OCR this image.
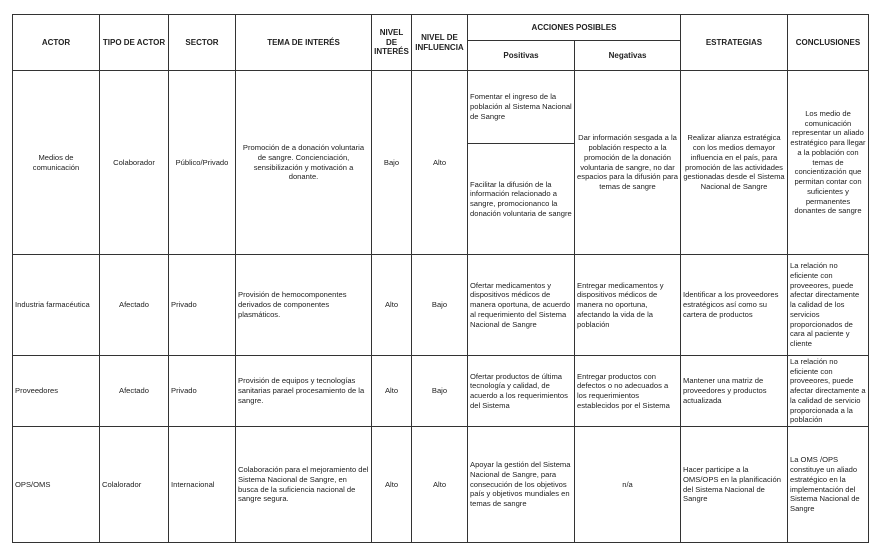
ACTOR	TIPO DE ACTOR	SECTOR	TEMA DE INTERÉS	NIVEL DE INTERÉS	NIVEL DE INFLUENCIA	ACCIONES POSIBLES		ESTRATEGIAS	CONCLUSIONES
						Positivas	Negativas		
Medios de comunicación	Colaborador	Público/Privado	Promoción de a donación voluntaria de sangre. Concienciación, sensibilización y motivación a donante.	Bajo	Alto	Fomentar el ingreso de la población al Sistema Nacional de Sangre	Dar información sesgada a la población respecto a la promoción de la donación voluntaria de sangre, no dar espacios para la difusión para temas de sangre	Realizar alianza estratégica con los medios demayor influencia en el país, para promoción de las actividades gestionadas desde el Sistema Nacional de Sangre	Los medio de comunicación representar un aliado estratégico para llegar a la población con temas de concientización que permitan contar con suficientes y permanentes donantes de sangre
						Facilitar la difusión de la información relacionado a sangre, promocionanco la donación voluntaria de sangre			
Industria farmacéutica	Afectado	Privado	Provisión de hemocomponentes derivados de componentes plasmáticos.	Alto	Bajo	Ofertar medicamentos y dispositivos médicos de manera oportuna, de acuerdo al requerimiento del Sistema Nacional de Sangre	Entregar medicamentos y dispositivos médicos de manera no oportuna, afectando la vida de la población	Identificar a los proveedores estratégicos así como su cartera de productos	La relación no eficiente con proveeores, puede afectar directamente la calidad de los servicios proporcionados de cara al paciente y cliente
Proveedores	Afectado	Privado	Provisión de equipos y tecnologías sanitarias parael procesamiento de la sangre.	Alto	Bajo	Ofertar productos de última tecnología y calidad, de acuerdo a los requerimientos del Sistema	Entregar productos con defectos o no adecuados a los requerimientos establecidos por el Sistema	Mantener una matriz de proveedores y productos actualizada	La relación no eficiente con proveeores, puede afectar directamente a la calidad de servicio proporcionada a la población
OPS/OMS	Colalorador	Internacional	Colaboración para el mejoramiento del Sistema Nacional de Sangre, en busca de la suficiencia nacional de sangre segura.	Alto	Alto	Apoyar la gestión del Sistema Nacional de Sangre, para consecución de los objetivos país y objetivos mundiales en temas de sangre	n/a	Hacer participe a la OMS/OPS en la planificación del Sistema Nacional de Sangre	La OMS /OPS constituye un aliado estratégico en la implementación del Sistema Nacional de Sangre
